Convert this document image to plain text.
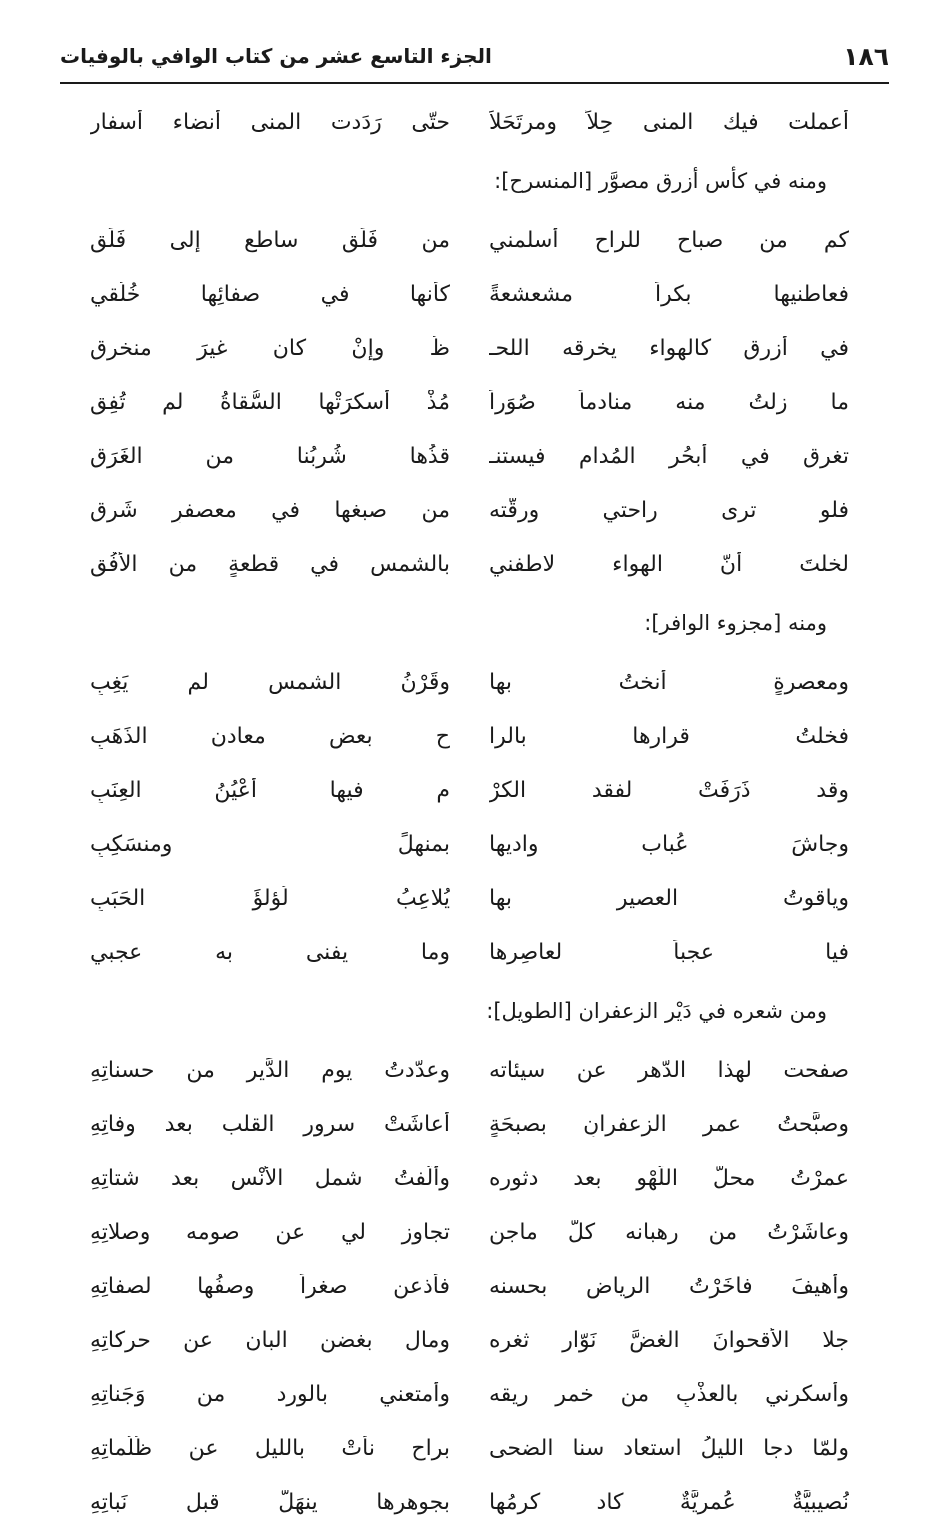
١٨٦
الجزء التاسع عشر من كتاب الوافي بالوفيات
أعملت فيك المنى حِلاً ومرتَحَلاً
حتّى رَدَدت المنى أنضاء أسفارِ
ومنه في كأس أزرق مصوَّر [المنسرح]:
كم من صباحٍ للراح أسلمني
من فَلَقٍ ساطعٍ إلى فَلَقِ
فعاطنيها بكراً مشعشعةً
كأنها في صفائِها خُلُقي
في أزرقٍ كالهواء يخرقه اللحـ
ظُ وإنْ كان غيرَ منخرقِ
ما زلتُ منه منادماً صُوَراً
مُذْ أسكرَتْها السُّقاةُ لم تُفِقِ
تغرق في أبحُر المُدام فيستنـ
قذُها شُربُنا من الغَرَقِ
فلو ترى راحتي ورقّته
من صبغها في معصفرٍ شَرِقِ
لخلتَ أنّ الهواء لاطفني
بالشمس في قطعةٍ من الأُفُقِ
ومنه [مجزوء الوافر]:
ومعصرةٍ أنختُ بها
وقَرْنُ الشمس لم يَغِبِ
فخلتُ قرارها بالرا
حِ بعض معادن الذَهَبِ
وقد ذَرَفَتْ لفقد الكرْ
مِ فيها أعْيُنُ العِنَبِ
وجاشَ عُباب واديها
بمنهلٍّ ومنسَكِبِ
وياقوتُ العصير بها
يُلاعِبُ لُؤلؤَ الحَبَبِ
فيا عجباً لعاصِرِها
وما يفنى به عجبي
ومن شعره في دَيْر الزعفران [الطويل]:
صفحت لهذا الدّهر عن سيئاته
وعدّدتُ يوم الدَّير من حسناتِهِ
وصبَّحتُ عمر الزعفرانِ بصبحَةٍ
أعاشَتْ سرور القلب بعد وفاتِهِ
عمرْتُ محلَّ اللَّهْوِ بعد دثوره
وألَّفتُ شمل الأُنْس بعد شتاتِهِ
وعاشَرْتُ من رهبانه كلَّ ماجنٍ
تجاوز لي عن صومه وصلاتِهِ
وأهيفَ فاخَرْتُ الرياض بحسنه
فأذعن صغراً وصفُها لصفاتِهِ
جلا الأقحوانَ الغضَّ نَوّار ثغره
ومال بغضنِ البان عن حركاتِهِ
وأسكرني بالعذْبِ من خمر ريقه
وأمتعني بالورد من وَجَناتِهِ
ولمّا دجا الليلُ استعاد سنا الضحى
براحٍ نأتْ بالليل عن ظُلُماتِهِ
نُصيبيَّةٌ عُمريَّةٌ كاد كرمُها
بجوهرها ينهَلُّ قبل نَباتِهِ
